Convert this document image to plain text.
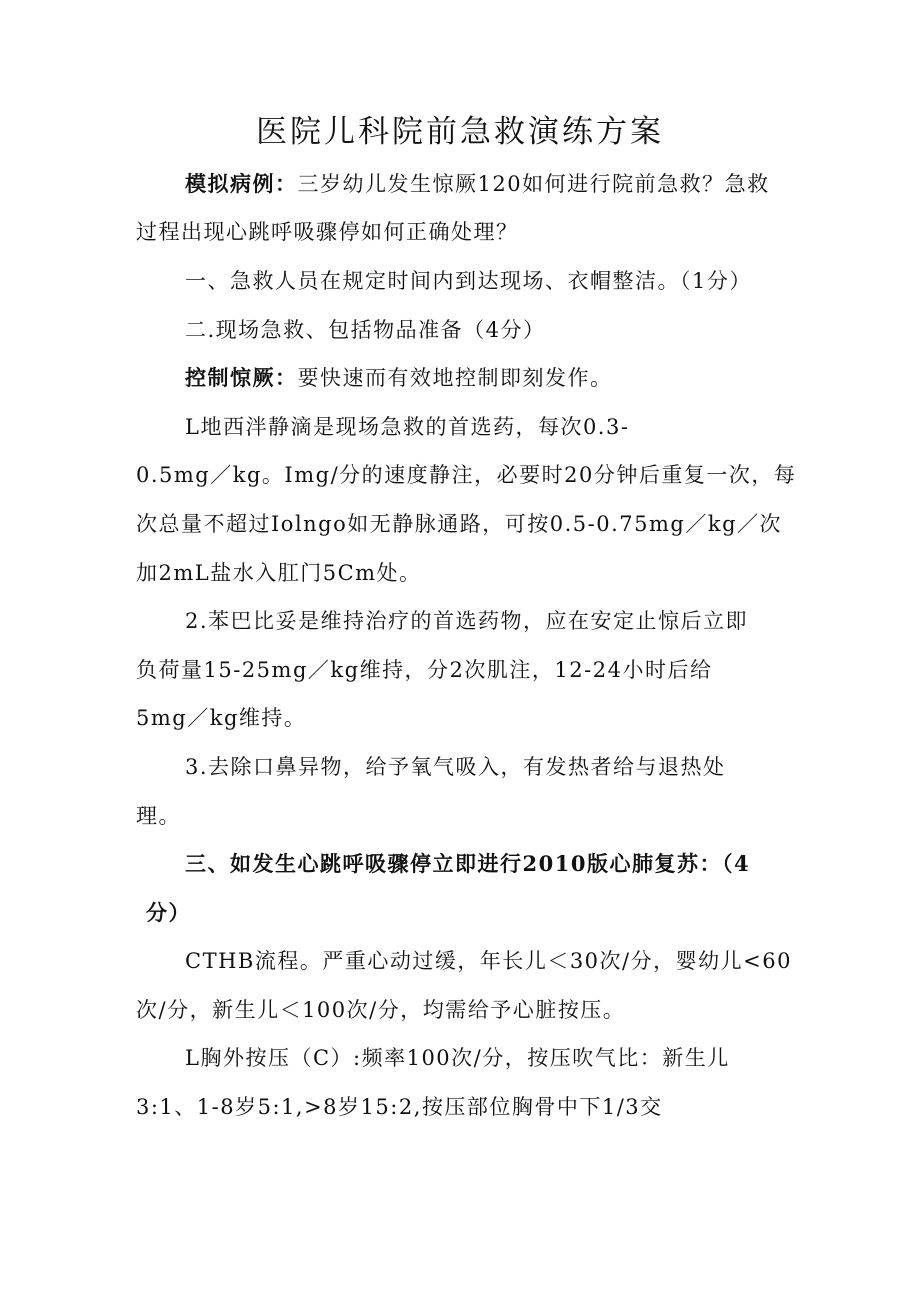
医院儿科院前急救演练方案
模拟病例：三岁幼儿发生惊厥120如何进行院前急救？急救
过程出现心跳呼吸骤停如何正确处理？
一、急救人员在规定时间内到达现场、衣帽整洁。（1分）
二.现场急救、包括物品准备（4分）
控制惊厥：要快速而有效地控制即刻发作。
L地西泮静滴是现场急救的首选药，每次0.3-
0.5mg／kg。Img/分的速度静注，必要时20分钟后重复一次，每
次总量不超过Iolngo如无静脉通路，可按0.5-0.75mg／kg／次
加2mL盐水入肛门5Cm处。
2.苯巴比妥是维持治疗的首选药物，应在安定止惊后立即
负荷量15-25mg／kg维持，分2次肌注，12-24小时后给
5mg／kg维持。
3.去除口鼻异物，给予氧气吸入，有发热者给与退热处
理。
三、如发生心跳呼吸骤停立即进行2010版心肺复苏：（4
分）
CTHB流程。严重心动过缓，年长儿＜30次/分，婴幼儿<60
次/分，新生儿＜100次/分，均需给予心脏按压。
L胸外按压（C）:频率100次/分，按压吹气比：新生儿
3:1、1-8岁5:1,>8岁15:2,按压部位胸骨中下1/3交
